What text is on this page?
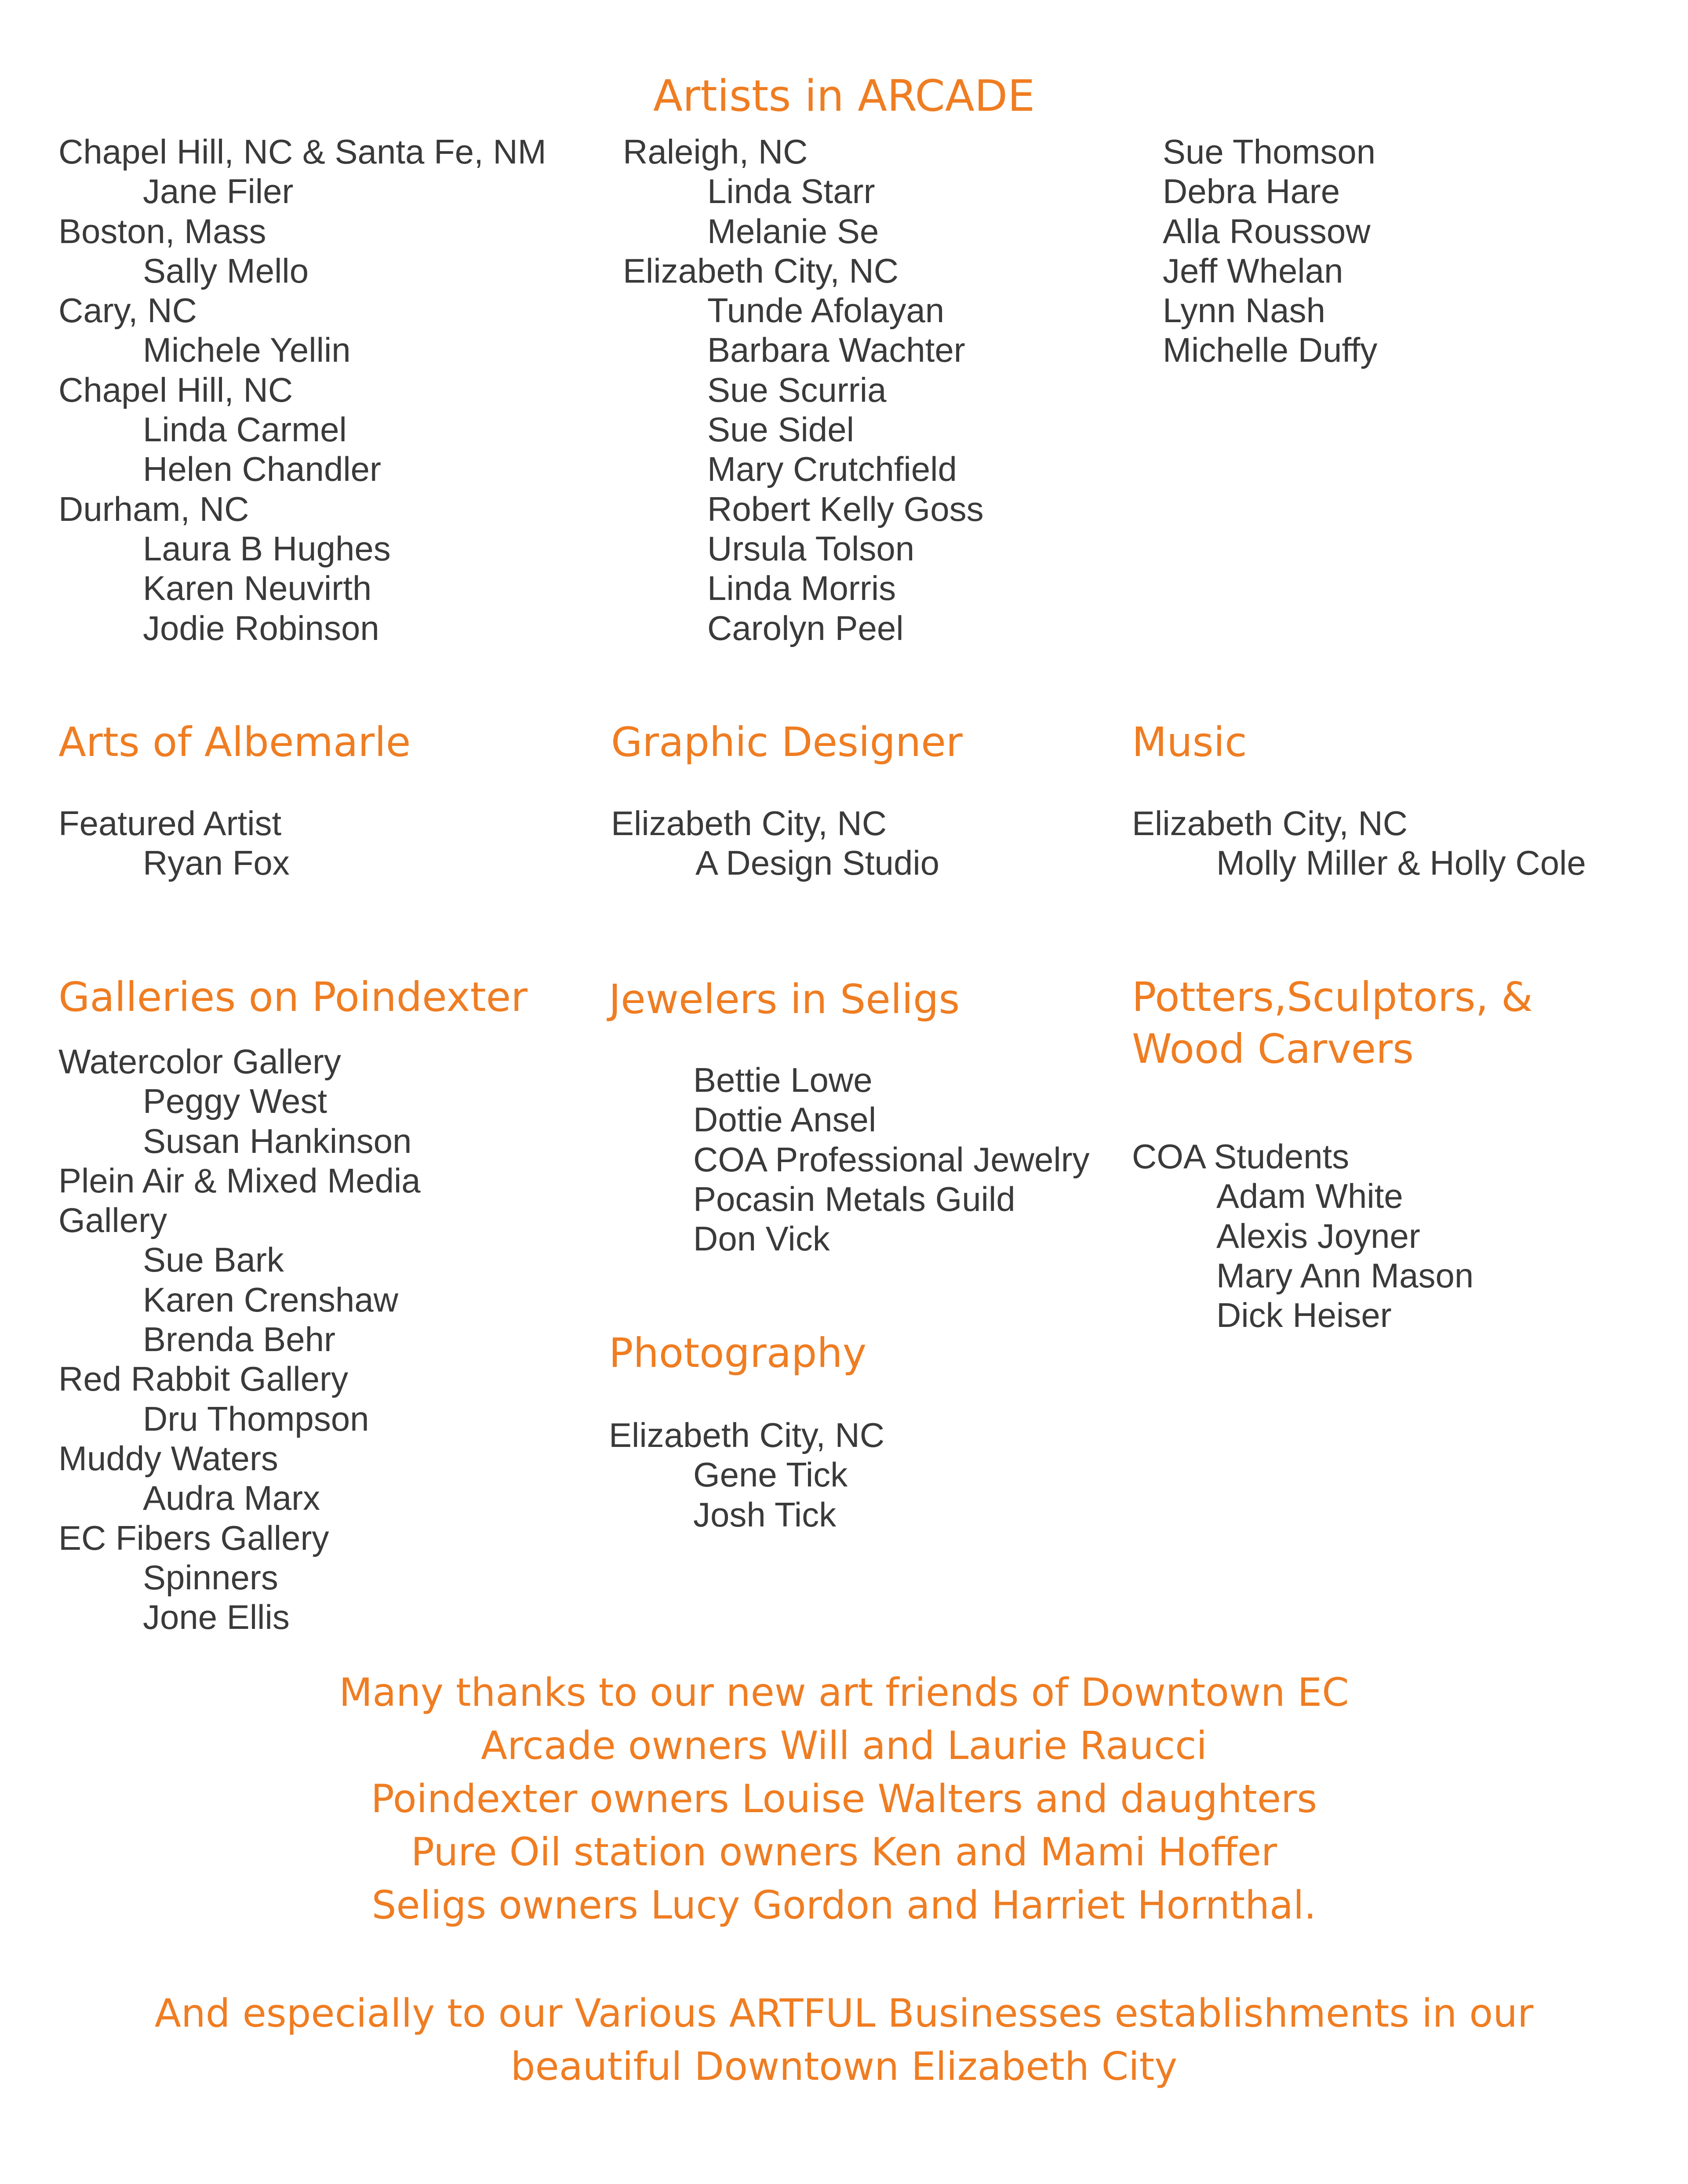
Artists in ARCADE
Chapel Hill, NC & Santa Fe, NM
Jane Filer
Boston, Mass
Sally Mello
Cary, NC
Michele Yellin
Chapel Hill, NC
Linda Carmel
Helen Chandler
Durham, NC
Laura B Hughes
Karen Neuvirth
Jodie Robinson
Raleigh, NC
Linda Starr
Melanie Se
Elizabeth City, NC
Tunde Afolayan
Barbara Wachter
Sue Scurria
Sue Sidel
Mary Crutchfield
Robert Kelly Goss
Ursula Tolson
Linda Morris
Carolyn Peel
Sue Thomson
Debra Hare
Alla Roussow
Jeff Whelan
Lynn Nash
Michelle Duffy
Arts of Albemarle
Featured Artist
Ryan Fox
Graphic Designer
Elizabeth City, NC
A Design Studio
Music
Elizabeth City, NC
Molly Miller & Holly Cole
Galleries on Poindexter
Watercolor Gallery
Peggy West
Susan Hankinson
Plein Air & Mixed Media
Gallery
Sue Bark
Karen Crenshaw
Brenda Behr
Red Rabbit Gallery
Dru Thompson
Muddy Waters
Audra Marx
EC Fibers Gallery
Spinners
Jone Ellis
Jewelers in Seligs
Bettie Lowe
Dottie Ansel
COA Professional Jewelry
Pocasin Metals Guild
Don Vick
Photography
Elizabeth City, NC
Gene Tick
Josh Tick
Potters,Sculptors, &
Wood Carvers
COA Students
Adam White
Alexis Joyner
Mary Ann Mason
Dick Heiser
Many thanks to our new art friends of Downtown EC
Arcade owners Will and Laurie Raucci
Poindexter owners Louise Walters and daughters
Pure Oil station owners Ken and Mami Hoffer
Seligs owners Lucy Gordon and Harriet Hornthal.
And especially to our Various ARTFUL Businesses establishments in our
beautiful Downtown Elizabeth City
